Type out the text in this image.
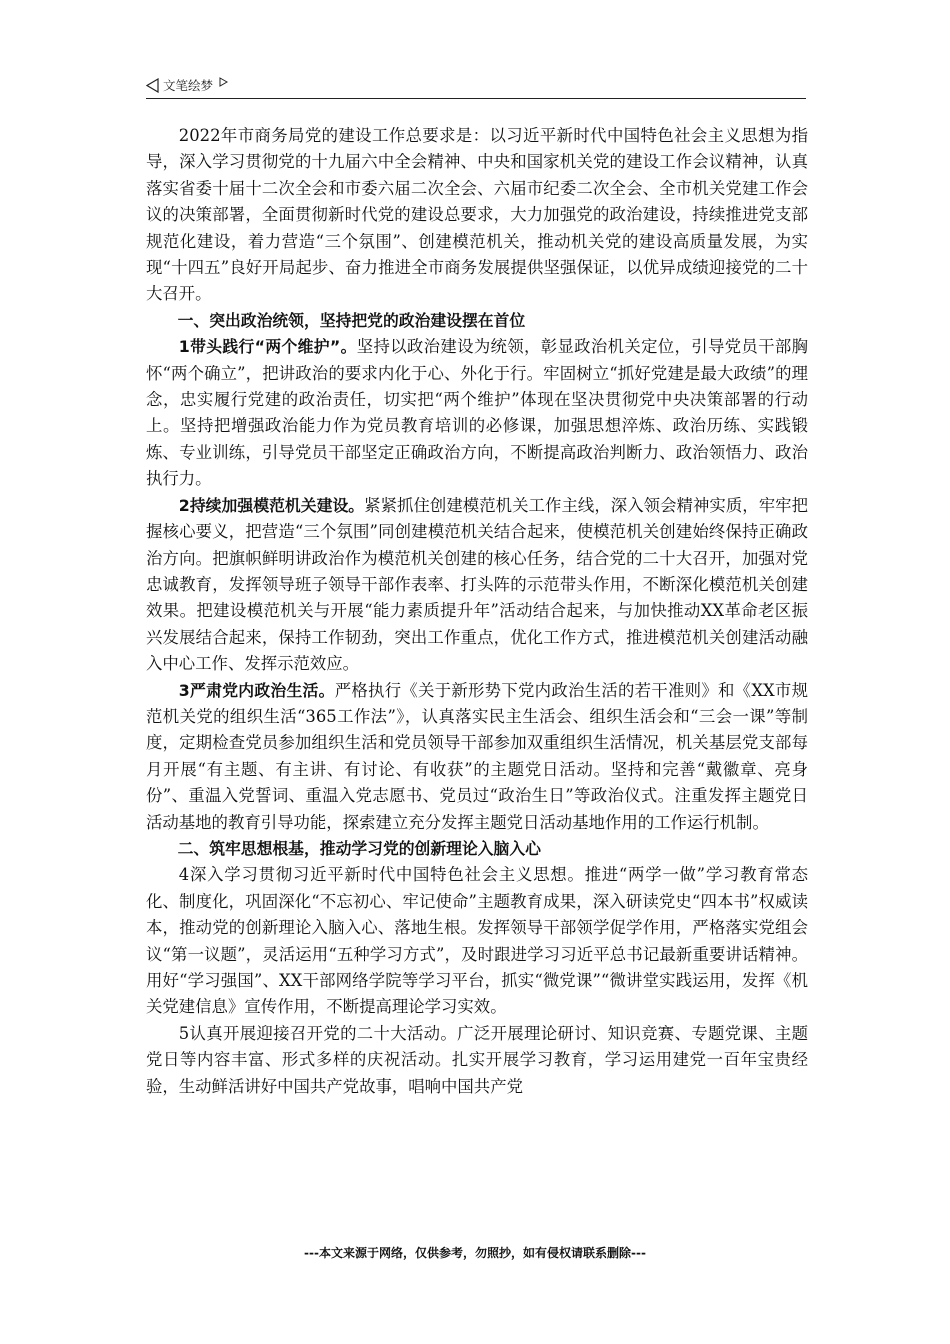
文笔绘梦

2022年市商务局党的建设工作总要求是：以习近平新时代中国特色社会主义思想为指导，深入学习贯彻党的十九届六中全会精神、中央和国家机关党的建设工作会议精神，认真落实省委十届十二次全会和市委六届二次全会、六届市纪委二次全会、全市机关党建工作会议的决策部署，全面贯彻新时代党的建设总要求，大力加强党的政治建设，持续推进党支部规范化建设，着力营造“三个氛围”、创建模范机关，推动机关党的建设高质量发展，为实现“十四五”良好开局起步、奋力推进全市商务发展提供坚强保证，以优异成绩迎接党的二十大召开。

一、突出政治统领，坚持把党的政治建设摆在首位

1带头践行“两个维护”。坚持以政治建设为统领，彰显政治机关定位，引导党员干部胸怀“两个确立”，把讲政治的要求内化于心、外化于行。牢固树立“抓好党建是最大政绩”的理念，忠实履行党建的政治责任，切实把“两个维护”体现在坚决贯彻党中央决策部署的行动上。坚持把增强政治能力作为党员教育培训的必修课，加强思想淬炼、政治历练、实践锻炼、专业训练，引导党员干部坚定正确政治方向，不断提高政治判断力、政治领悟力、政治执行力。

2持续加强模范机关建设。紧紧抓住创建模范机关工作主线，深入领会精神实质，牢牢把握核心要义，把营造“三个氛围”同创建模范机关结合起来，使模范机关创建始终保持正确政治方向。把旗帜鲜明讲政治作为模范机关创建的核心任务，结合党的二十大召开，加强对党忠诚教育，发挥领导班子领导干部作表率、打头阵的示范带头作用，不断深化模范机关创建效果。把建设模范机关与开展“能力素质提升年”活动结合起来，与加快推动XX革命老区振兴发展结合起来，保持工作韧劲，突出工作重点，优化工作方式，推进模范机关创建活动融入中心工作、发挥示范效应。

3严肃党内政治生活。严格执行《关于新形势下党内政治生活的若干准则》和《XX市规范机关党的组织生活“365工作法”》，认真落实民主生活会、组织生活会和“三会一课”等制度，定期检查党员参加组织生活和党员领导干部参加双重组织生活情况，机关基层党支部每月开展“有主题、有主讲、有讨论、有收获”的主题党日活动。坚持和完善“戴徽章、亮身份”、重温入党誓词、重温入党志愿书、党员过“政治生日”等政治仪式。注重发挥主题党日活动基地的教育引导功能，探索建立充分发挥主题党日活动基地作用的工作运行机制。

二、筑牢思想根基，推动学习党的创新理论入脑入心

4深入学习贯彻习近平新时代中国特色社会主义思想。推进“两学一做”学习教育常态化、制度化，巩固深化“不忘初心、牢记使命”主题教育成果，深入研读党史“四本书”权威读本，推动党的创新理论入脑入心、落地生根。发挥领导干部领学促学作用，严格落实党组会议“第一议题”，灵活运用“五种学习方式”，及时跟进学习习近平总书记最新重要讲话精神。用好“学习强国”、XX干部网络学院等学习平台，抓实“微党课”“微讲堂实践运用，发挥《机关党建信息》宣传作用，不断提高理论学习实效。

5认真开展迎接召开党的二十大活动。广泛开展理论研讨、知识竞赛、专题党课、主题党日等内容丰富、形式多样的庆祝活动。扎实开展学习教育，学习运用建党一百年宝贵经验，生动鲜活讲好中国共产党故事，唱响中国共产党

---本文来源于网络，仅供参考，勿照抄，如有侵权请联系删除---
